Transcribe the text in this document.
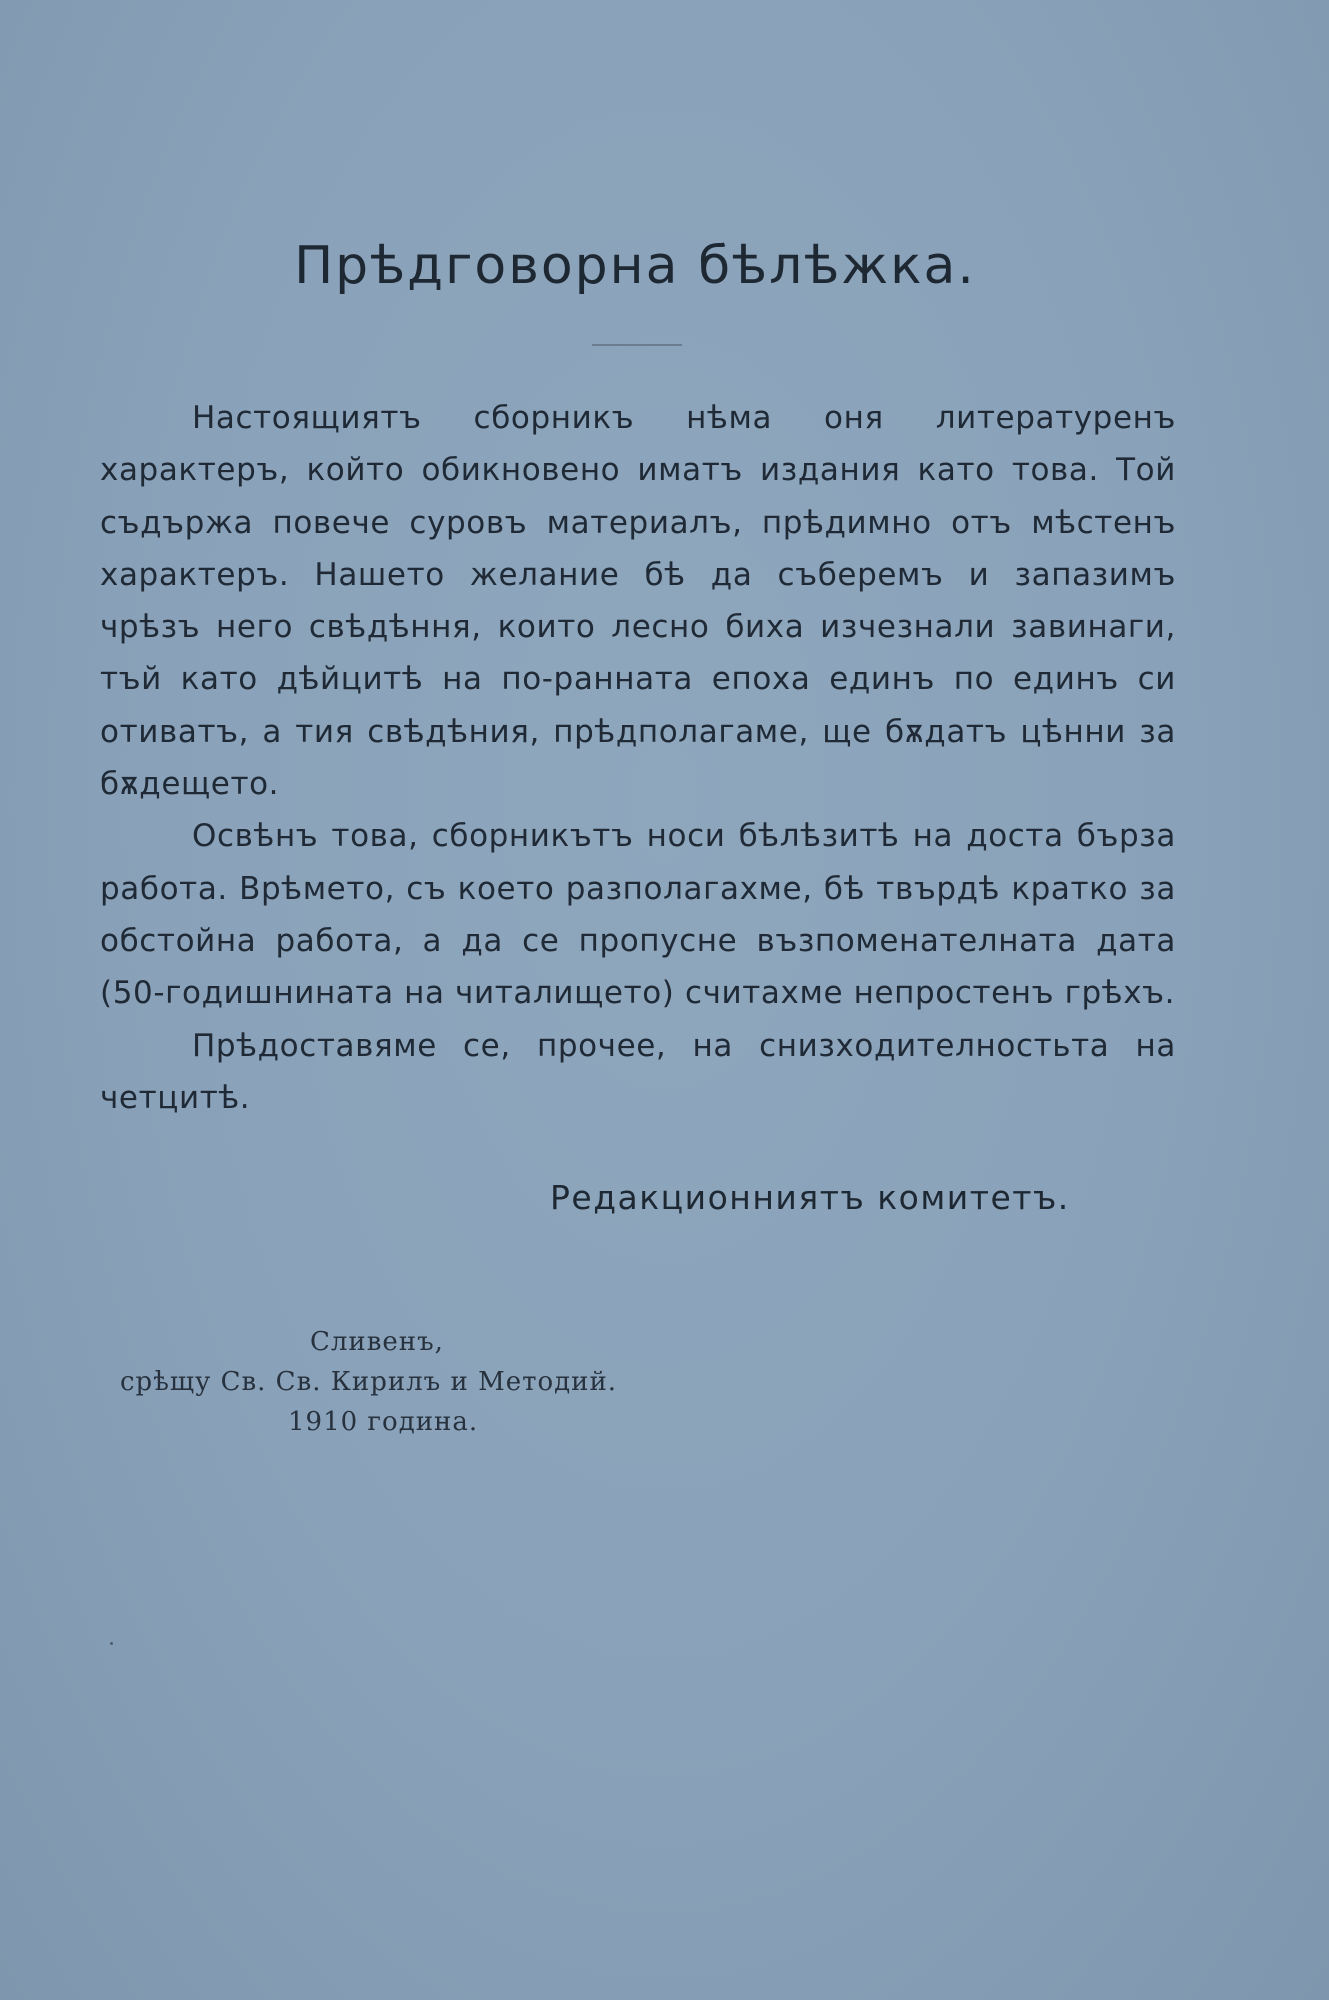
Прѣдговорна бѣлѣжка.

Настоящиятъ сборникъ нѣма оня литературенъ характеръ, който обикновено иматъ издания като това. Той съдържа повече суровъ материалъ, прѣдимно отъ мѣстенъ характеръ. Нашето желание бѣ да съберемъ и запазимъ чрѣзъ него свѣдѣння, които лесно биха изчезнали завинаги, тъй като дѣйцитѣ на по-ранната епоха единъ по единъ си отиватъ, а тия свѣдѣния, прѣдполагаме, ще бѫдатъ цѣнни за бѫдещето.

Освѣнъ това, сборникътъ носи бѣлѣзитѣ на доста бърза работа. Врѣмето, съ което разполагахме, бѣ твърдѣ кратко за обстойна работа, а да се пропусне възпоменателната дата (50-годишнината на читалището) считахме непростенъ грѣхъ.

Прѣдоставяме се, прочее, на снизходителностьта на четцитѣ.

Редакционниятъ комитетъ.
Сливенъ,
срѣщу Св. Св. Кирилъ и Методий.
1910 година.
